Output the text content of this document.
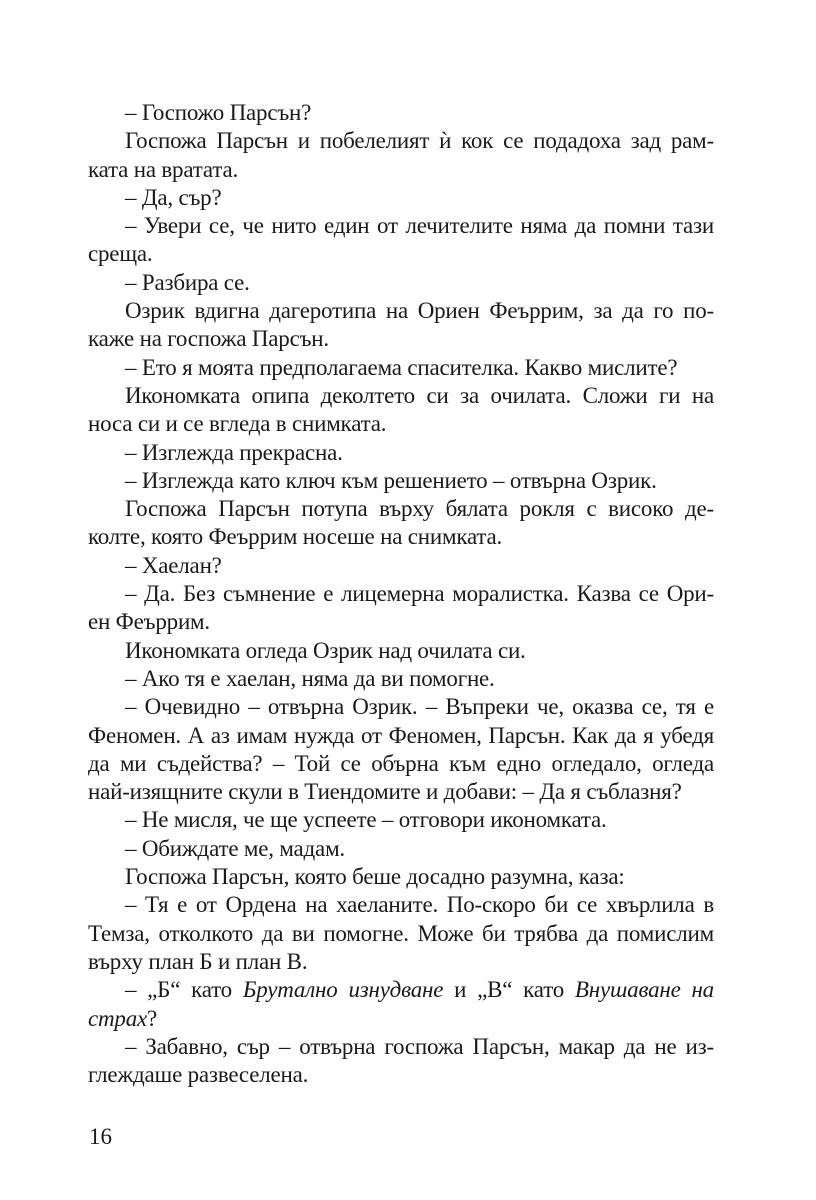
– Госпожо Парсън?
Госпожа Парсън и побелелият ѝ кок се подадоха зад рам-
ката на вратата.
– Да, сър?
– Увери се, че нито един от лечителите няма да помни тази
среща.
– Разбира се.
Озрик вдигна дагеротипа на Ориен Феъррим, за да го по-
каже на госпожа Парсън.
– Ето я моята предполагаема спасителка. Какво мислите?
Икономката опипа деколтето си за очилата. Сложи ги на
носа си и се вгледа в снимката.
– Изглежда прекрасна.
– Изглежда като ключ към решението – отвърна Озрик.
Госпожа Парсън потупа върху бялата рокля с високо де-
колте, която Феъррим носеше на снимката.
– Хаелан?
– Да. Без съмнение е лицемерна моралистка. Казва се Ори-
ен Феъррим.
Икономката огледа Озрик над очилата си.
– Ако тя е хаелан, няма да ви помогне.
– Очевидно – отвърна Озрик. – Въпреки че, оказва се, тя е
Феномен. А аз имам нужда от Феномен, Парсън. Как да я убедя
да ми съдейства? – Той се обърна към едно огледало, огледа
най-изящните скули в Тиендомите и добави: – Да я съблазня?
– Не мисля, че ще успеете – отговори икономката.
– Обиждате ме, мадам.
Госпожа Парсън, която беше досадно разумна, каза:
– Тя е от Ордена на хаеланите. По-скоро би се хвърлила в
Темза, отколкото да ви помогне. Може би трябва да помислим
върху план Б и план В.
– „Б“ като Брутално изнудване и „В“ като Внушаване на
страх?
– Забавно, сър – отвърна госпожа Парсън, макар да не из-
глеждаше развеселена.
16
